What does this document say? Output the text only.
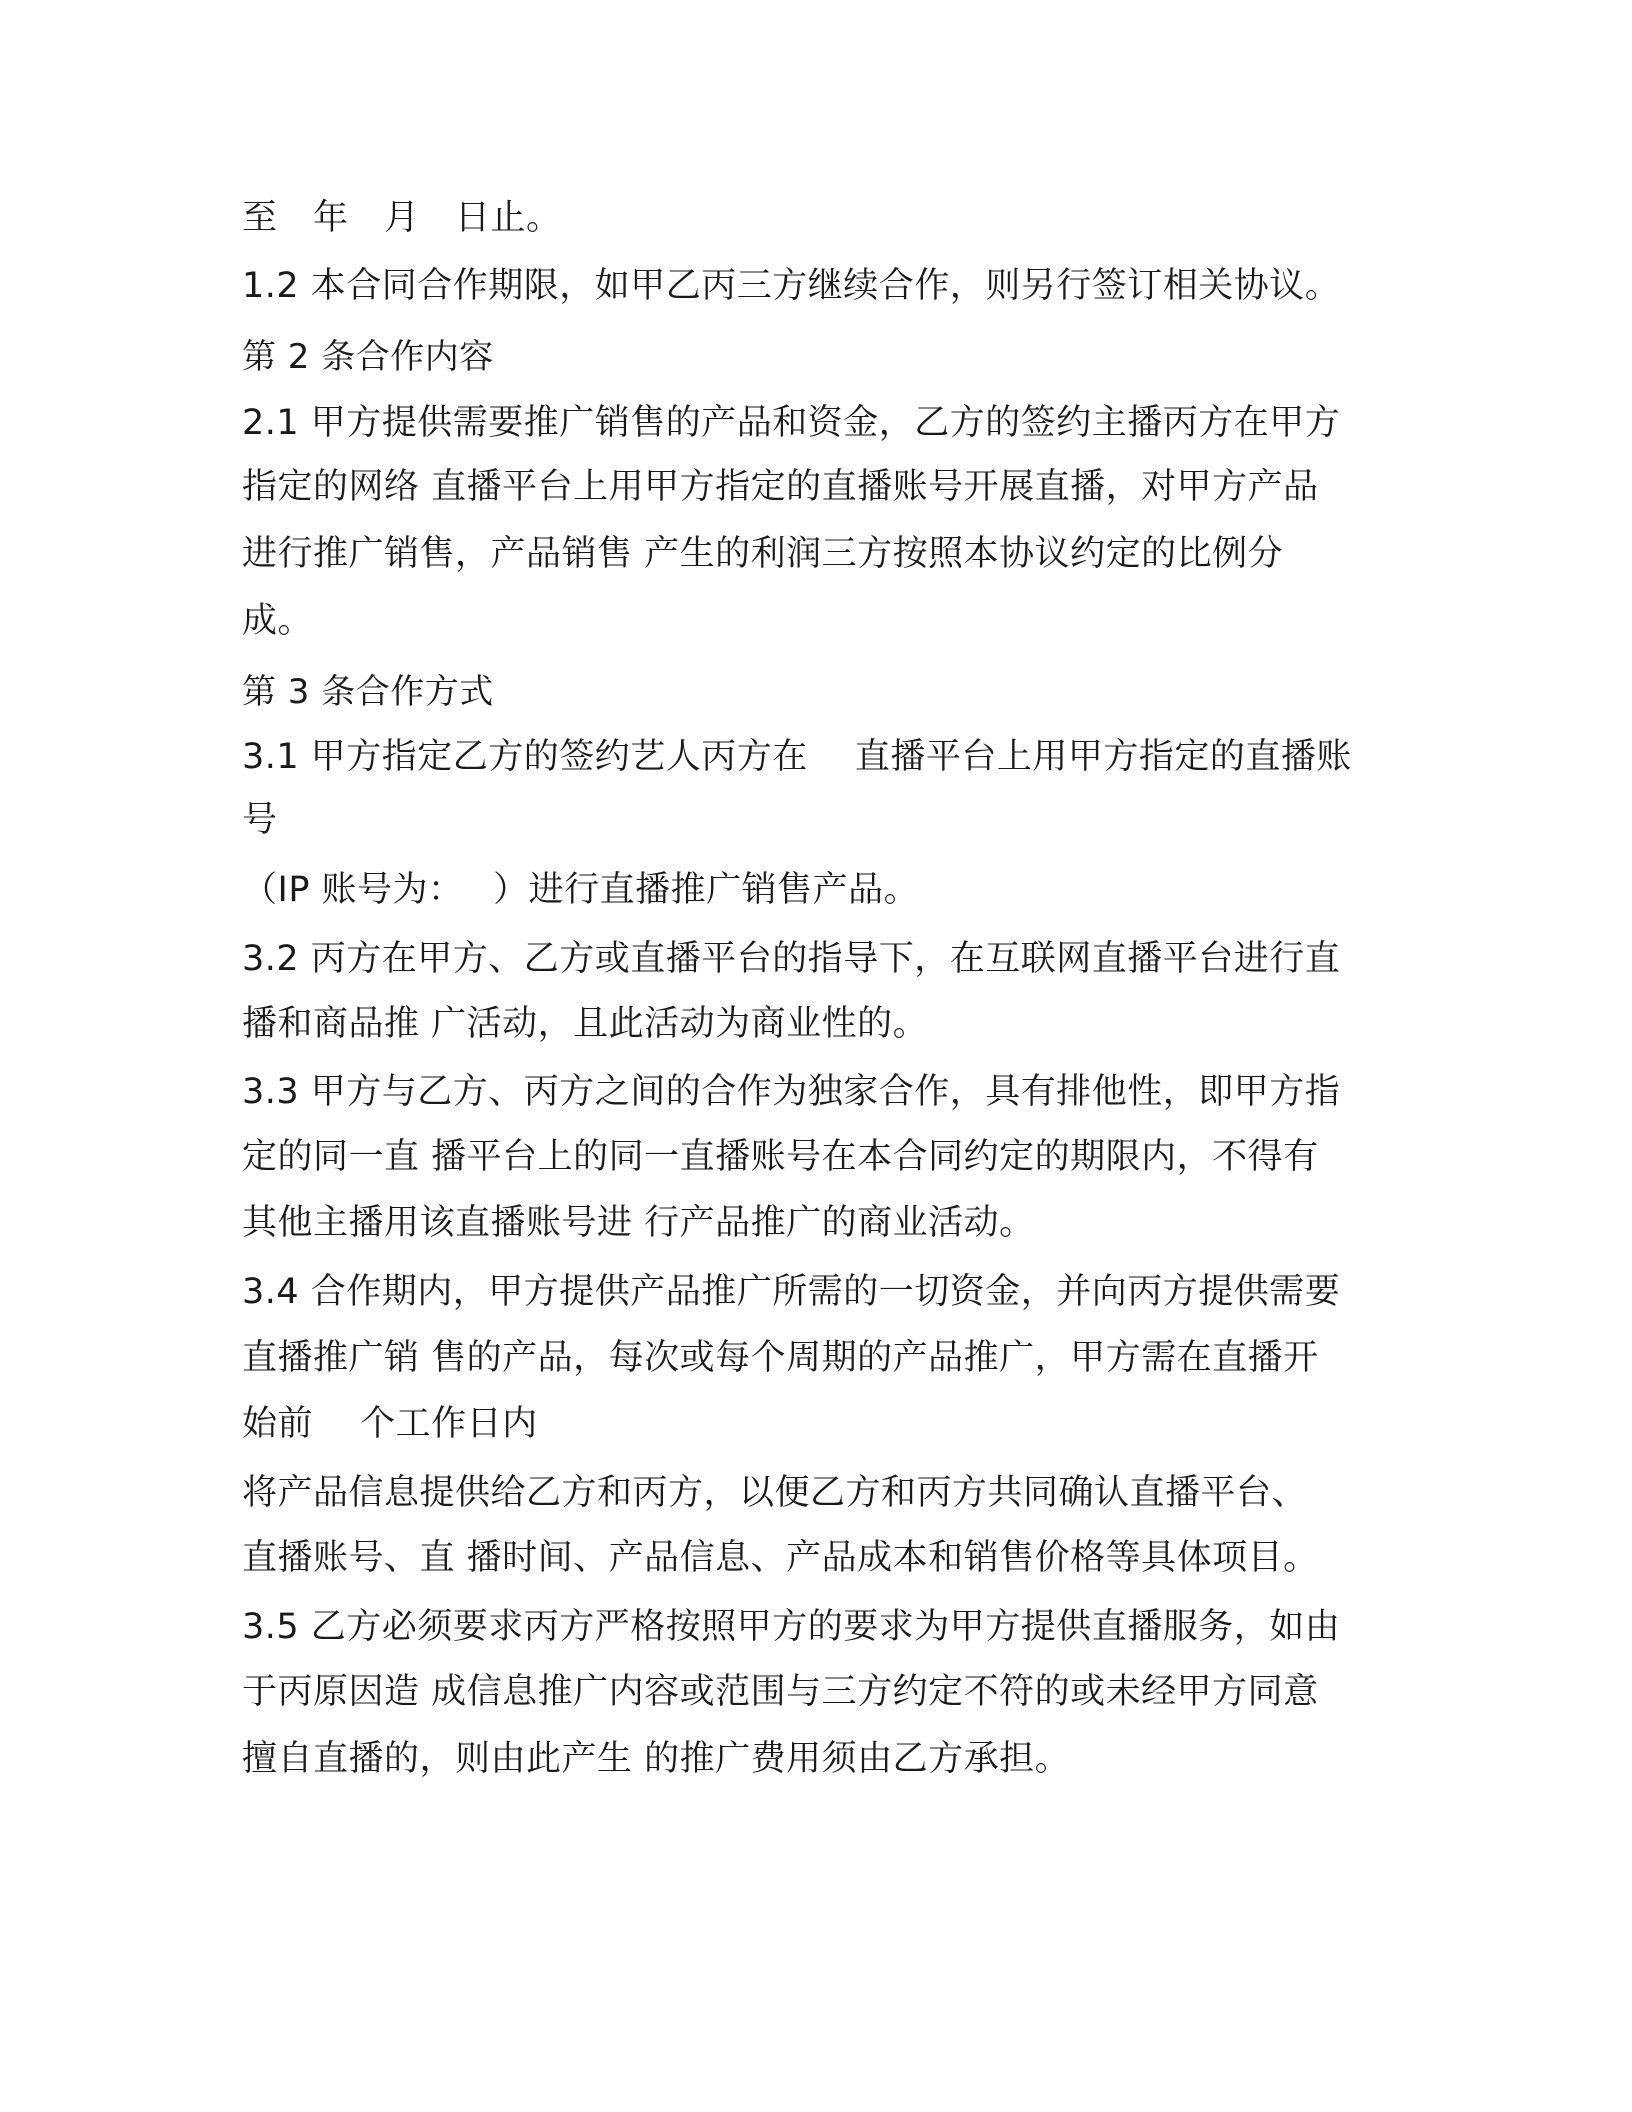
至　年　月　日止。
1.2 本合同合作期限，如甲乙丙三方继续合作，则另行签订相关协议。
第 2 条合作内容
2.1 甲方提供需要推广销售的产品和资金，乙方的签约主播丙方在甲方
指定的网络 直播平台上用甲方指定的直播账号开展直播，对甲方产品
进行推广销售，产品销售 产生的利润三方按照本协议约定的比例分
成。
第 3 条合作方式
3.1 甲方指定乙方的签约艺人丙方在　 直播平台上用甲方指定的直播账
号
（IP 账号为：　 ）进行直播推广销售产品。
3.2 丙方在甲方、乙方或直播平台的指导下，在互联网直播平台进行直
播和商品推 广活动，且此活动为商业性的。
3.3 甲方与乙方、丙方之间的合作为独家合作，具有排他性，即甲方指
定的同一直 播平台上的同一直播账号在本合同约定的期限内，不得有
其他主播用该直播账号进 行产品推广的商业活动。
3.4 合作期内，甲方提供产品推广所需的一切资金，并向丙方提供需要
直播推广销 售的产品，每次或每个周期的产品推广，甲方需在直播开
始前　 个工作日内
将产品信息提供给乙方和丙方，以便乙方和丙方共同确认直播平台、
直播账号、直 播时间、产品信息、产品成本和销售价格等具体项目。
3.5 乙方必须要求丙方严格按照甲方的要求为甲方提供直播服务，如由
于丙原因造 成信息推广内容或范围与三方约定不符的或未经甲方同意
擅自直播的，则由此产生 的推广费用须由乙方承担。
